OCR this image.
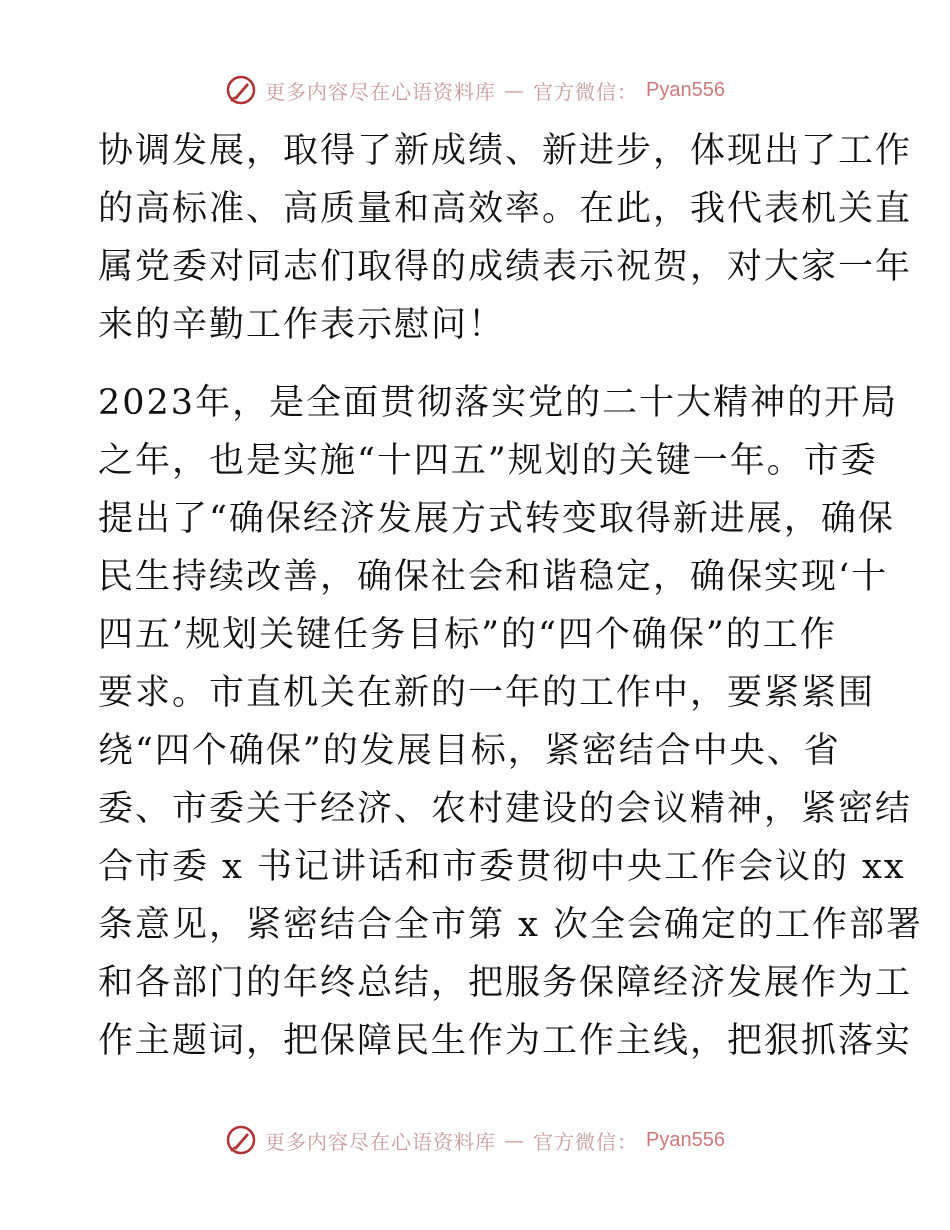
更多内容尽在心语资料库 — 官方微信： Pyan556
协调发展，取得了新成绩、新进步，体现出了工作
的高标准、高质量和高效率。在此，我代表机关直
属党委对同志们取得的成绩表示祝贺，对大家一年
来的辛勤工作表示慰问！
2023年，是全面贯彻落实党的二十大精神的开局
之年，也是实施“十四五”规划的关键一年。市委
提出了“确保经济发展方式转变取得新进展，确保
民生持续改善，确保社会和谐稳定，确保实现‘十
四五’规划关键任务目标”的“四个确保”的工作
要求。市直机关在新的一年的工作中，要紧紧围
绕“四个确保”的发展目标，紧密结合中央、省
委、市委关于经济、农村建设的会议精神，紧密结
合市委 x 书记讲话和市委贯彻中央工作会议的 xx
条意见，紧密结合全市第 x 次全会确定的工作部署
和各部门的年终总结，把服务保障经济发展作为工
作主题词，把保障民生作为工作主线，把狠抓落实
更多内容尽在心语资料库 — 官方微信： Pyan556
